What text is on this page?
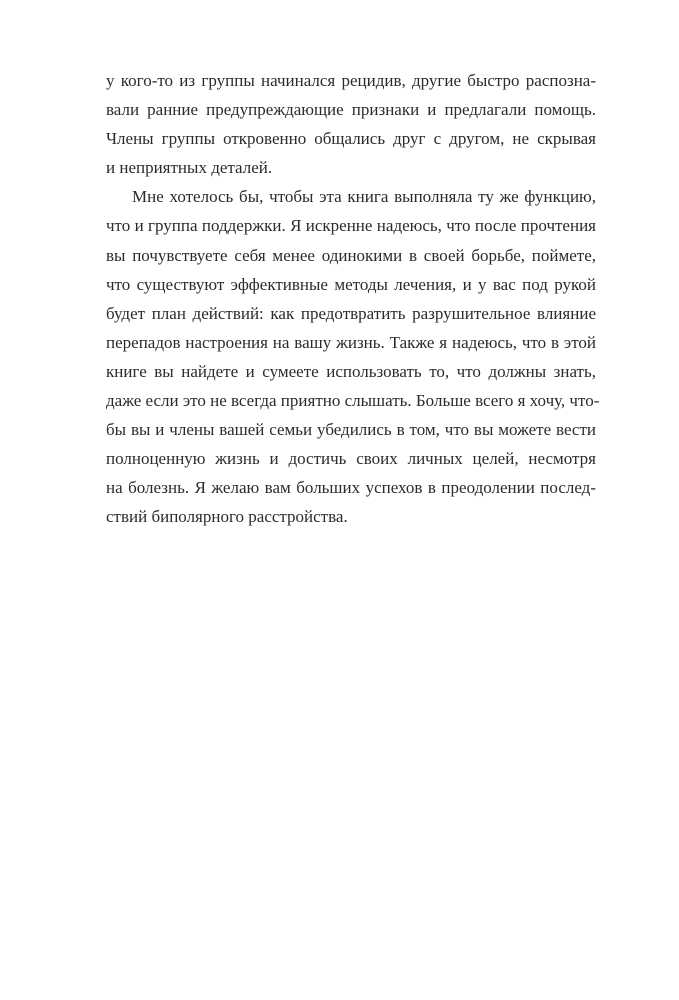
у кого-то из группы начинался рецидив, другие быстро распозна-
вали ранние предупреждающие признаки и предлагали помощь.
Члены группы откровенно общались друг с другом, не скрывая
и неприятных деталей.
Мне хотелось бы, чтобы эта книга выполняла ту же функцию,
что и группа поддержки. Я искренне надеюсь, что после прочтения
вы почувствуете себя менее одинокими в своей борьбе, поймете,
что существуют эффективные методы лечения, и у вас под рукой
будет план действий: как предотвратить разрушительное влияние
перепадов настроения на вашу жизнь. Также я надеюсь, что в этой
книге вы найдете и сумеете использовать то, что должны знать,
даже если это не всегда приятно слышать. Больше всего я хочу, что-
бы вы и члены вашей семьи убедились в том, что вы можете вести
полноценную жизнь и достичь своих личных целей, несмотря
на болезнь. Я желаю вам больших успехов в преодолении послед-
ствий биполярного расстройства.
